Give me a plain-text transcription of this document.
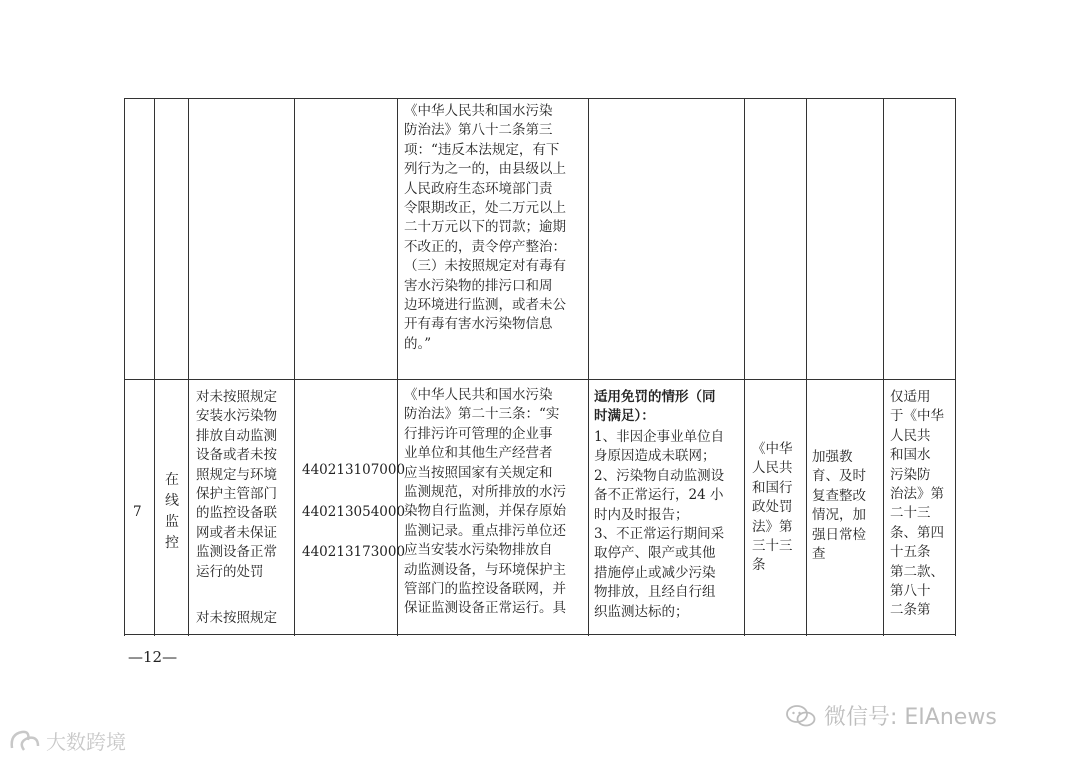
《中华人民共和国水污染
防治法》第八十二条第三
项：“违反本法规定，有下
列行为之一的，由县级以上
人民政府生态环境部门责
令限期改正，处二万元以上
二十万元以下的罚款；逾期
不改正的，责令停产整治：
（三）未按照规定对有毒有
害水污染物的排污口和周
边环境进行监测，或者未公
开有毒有害水污染物信息
的。”
7
在
线
监
控
对未按照规定
安装水污染物
排放自动监测
设备或者未按
照规定与环境
保护主管部门
的监控设备联
网或者未保证
监测设备正常
运行的处罚
对未按照规定
440213107000
440213054000
440213173000
《中华人民共和国水污染
防治法》第二十三条：“实
行排污许可管理的企业事
业单位和其他生产经营者
应当按照国家有关规定和
监测规范，对所排放的水污
染物自行监测，并保存原始
监测记录。重点排污单位还
应当安装水污染物排放自
动监测设备，与环境保护主
管部门的监控设备联网，并
保证监测设备正常运行。具
适用免罚的情形（同
时满足）：
1、非因企事业单位自
身原因造成未联网；
2、污染物自动监测设
备不正常运行，24 小
时内及时报告；
3、不正常运行期间采
取停产、限产或其他
措施停止或减少污染
物排放，且经自行组
织监测达标的；
《中华
人民共
和国行
政处罚
法》第
三十三
条
加强教
育、及时
复查整改
情况，加
强日常检
查
仅适用
于《中华
人民共
和国水
污染防
治法》第
二十三
条、第四
十五条
第二款、
第八十
二条第
—12—
大数跨境
微信号: EIAnews
